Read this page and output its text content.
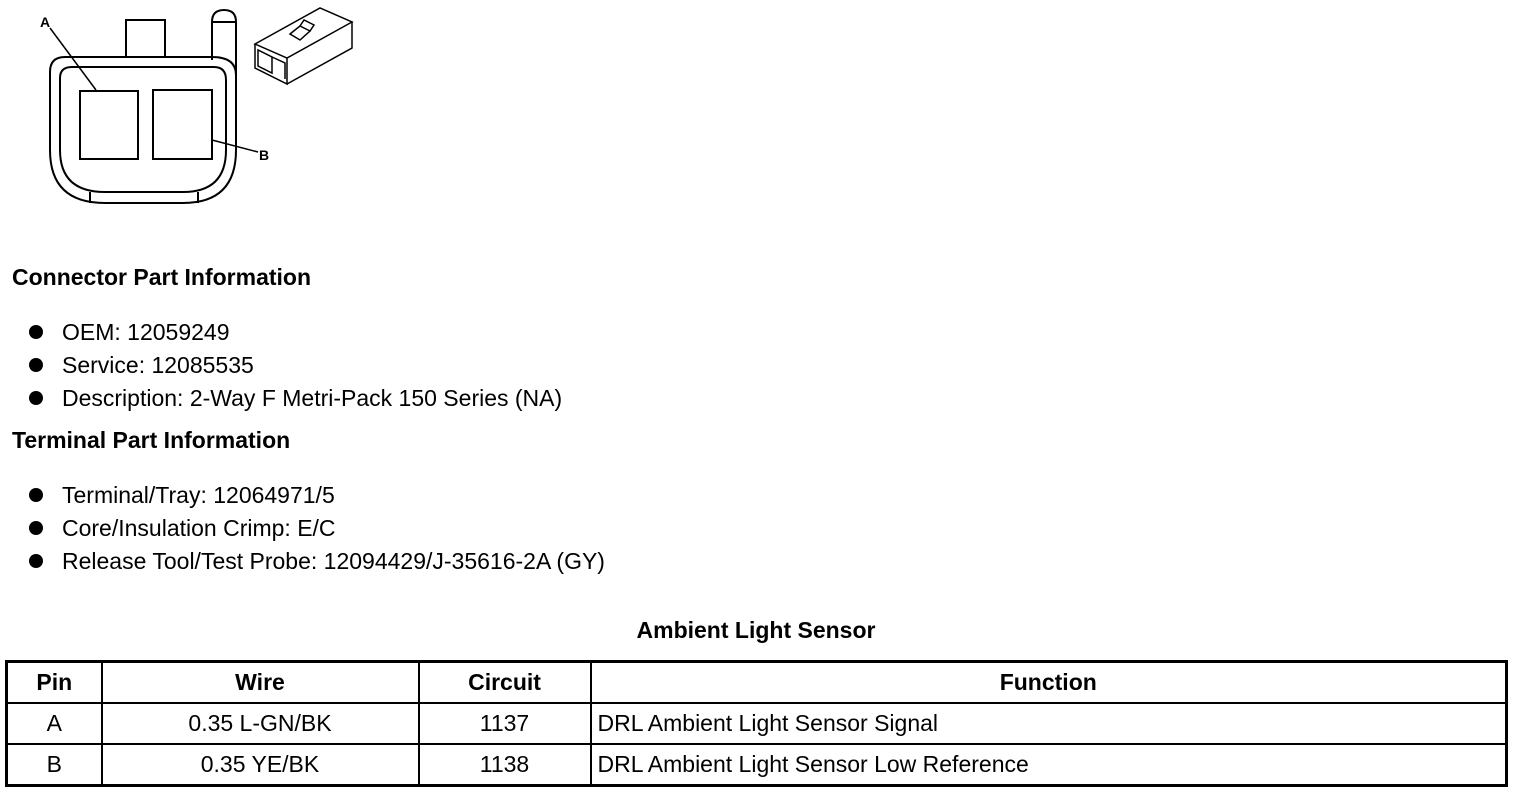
A
B
Connector Part Information
OEM: 12059249
Service: 12085535
Description: 2-Way F Metri-Pack 150 Series (NA)
Terminal Part Information
Terminal/Tray: 12064971/5
Core/Insulation Crimp: E/C
Release Tool/Test Probe: 12094429/J-35616-2A (GY)
Ambient Light Sensor
Pin	Wire	Circuit	Function
A	0.35 L-GN/BK	1137	DRL Ambient Light Sensor Signal
B	0.35 YE/BK	1138	DRL Ambient Light Sensor Low Reference
